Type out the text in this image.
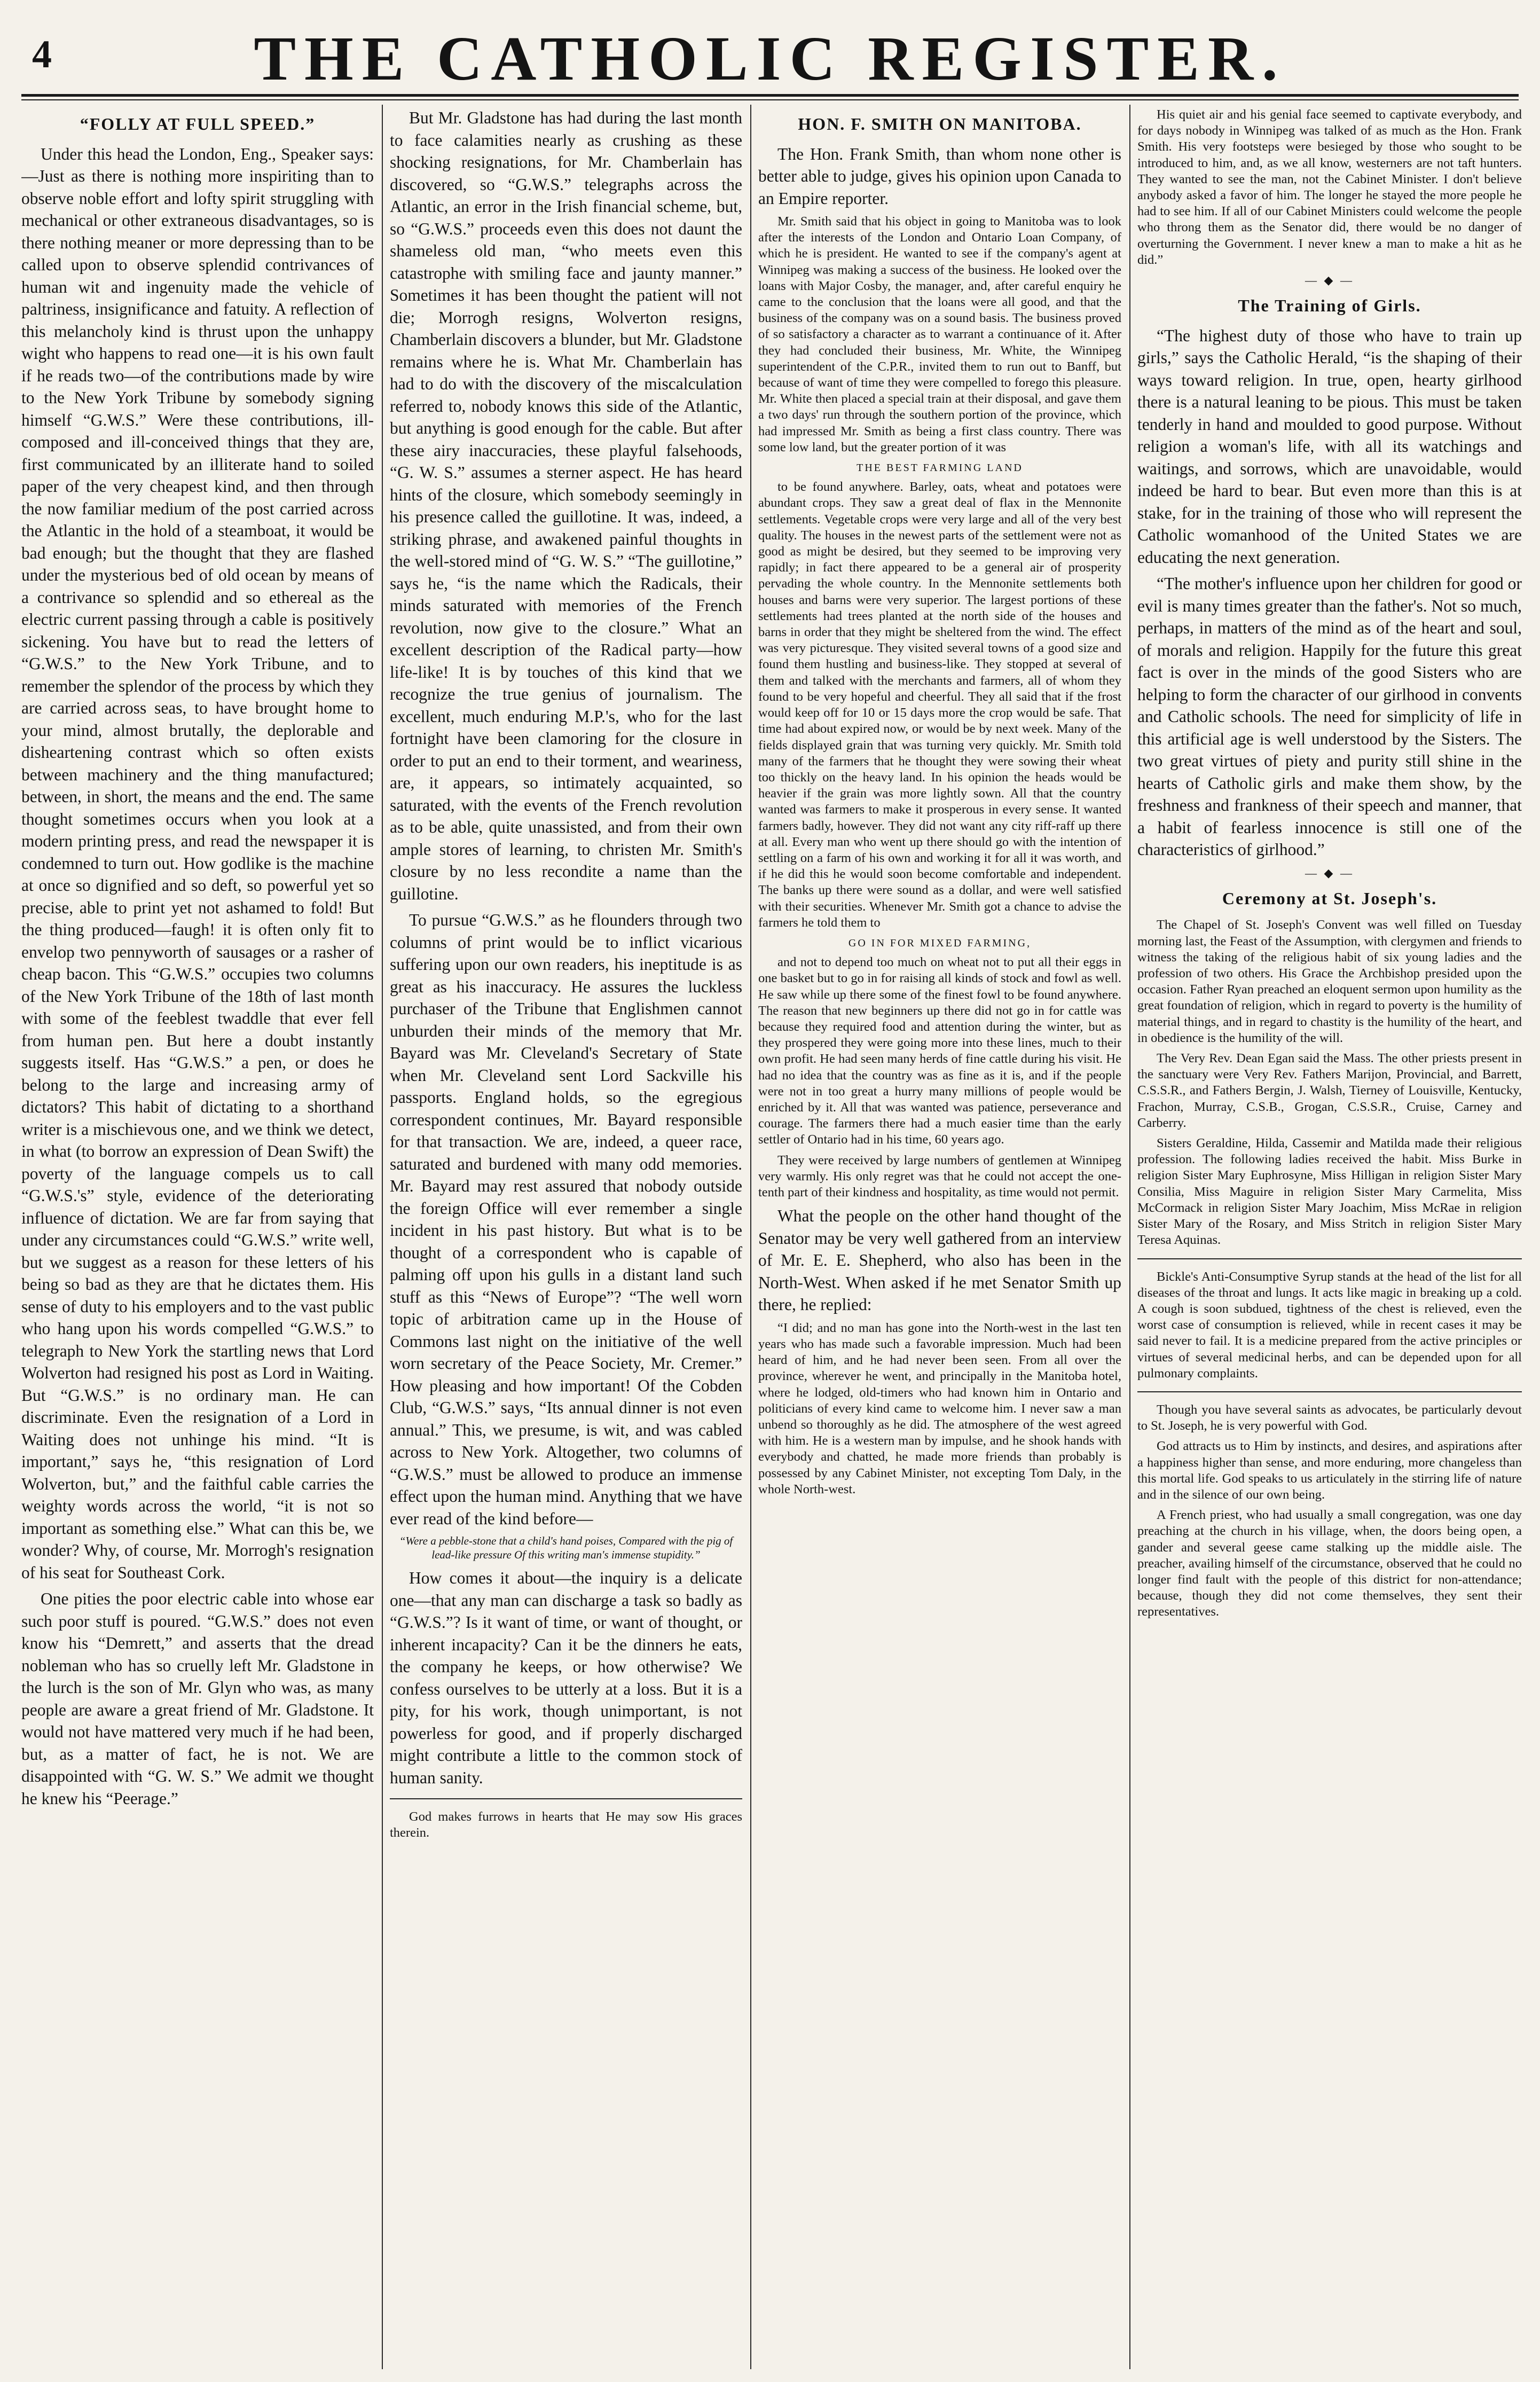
4	THE CATHOLIC REGISTER.
“FOLLY AT FULL SPEED.”

Under this head the London, Eng., Speaker says:—Just as there is nothing more inspiriting than to observe noble effort and lofty spirit struggling with mechanical or other extraneous disadvantages, so is there nothing meaner or more depressing than to be called upon to observe splendid contrivances of human wit and ingenuity made the vehicle of paltriness, insignificance and fatuity. A reflection of this melancholy kind is thrust upon the unhappy wight who happens to read one—it is his own fault if he reads two—of the contributions made by wire to the New York Tribune by somebody signing himself “G.W.S.” Were these contributions, ill-composed and ill-conceived things that they are, first communicated by an illiterate hand to soiled paper of the very cheapest kind, and then through the now familiar medium of the post carried across the Atlantic in the hold of a steamboat, it would be bad enough; but the thought that they are flashed under the mysterious bed of old ocean by means of a contrivance so splendid and so ethereal as the electric current passing through a cable is positively sickening. You have but to read the letters of “G.W.S.” to the New York Tribune, and to remember the splendor of the process by which they are carried across seas, to have brought home to your mind, almost brutally, the deplorable and disheartening contrast which so often exists between machinery and the thing manufactured; between, in short, the means and the end. The same thought sometimes occurs when you look at a modern printing press, and read the newspaper it is condemned to turn out. How godlike is the machine at once so dignified and so deft, so powerful yet so precise, able to print yet not ashamed to fold! But the thing produced—faugh! it is often only fit to envelop two pennyworth of sausages or a rasher of cheap bacon. This “G.W.S.” occupies two columns of the New York Tribune of the 18th of last month with some of the feeblest twaddle that ever fell from human pen. But here a doubt instantly suggests itself. Has “G.W.S.” a pen, or does he belong to the large and increasing army of dictators? This habit of dictating to a shorthand writer is a mischievous one, and we think we detect, in what (to borrow an expression of Dean Swift) the poverty of the language compels us to call “G.W.S.'s” style, evidence of the deteriorating influence of dictation. We are far from saying that under any circumstances could “G.W.S.” write well, but we suggest as a reason for these letters of his being so bad as they are that he dictates them. His sense of duty to his employers and to the vast public who hang upon his words compelled “G.W.S.” to telegraph to New York the startling news that Lord Wolverton had resigned his post as Lord in Waiting. But “G.W.S.” is no ordinary man. He can discriminate. Even the resignation of a Lord in Waiting does not unhinge his mind. “It is important,” says he, “this resignation of Lord Wolverton, but,” and the faithful cable carries the weighty words across the world, “it is not so important as something else.” What can this be, we wonder? Why, of course, Mr. Morrogh's resignation of his seat for Southeast Cork.

One pities the poor electric cable into whose ear such poor stuff is poured. “G.W.S.” does not even know his “Demrett,” and asserts that the dread nobleman who has so cruelly left Mr. Gladstone in the lurch is the son of Mr. Glyn who was, as many people are aware a great friend of Mr. Gladstone. It would not have mattered very much if he had been, but, as a matter of fact, he is not. We are disappointed with “G. W. S.” We admit we thought he knew his “Peerage.”

But Mr. Gladstone has had during the last month to face calamities nearly as crushing as these shocking resignations, for Mr. Chamberlain has discovered, so “G.W.S.” telegraphs across the Atlantic, an error in the Irish financial scheme, but, so “G.W.S.” proceeds even this does not daunt the shameless old man, “who meets even this catastrophe with smiling face and jaunty manner.” Sometimes it has been thought the patient will not die; Morrogh resigns, Wolverton resigns, Chamberlain discovers a blunder, but Mr. Gladstone remains where he is. What Mr. Chamberlain has had to do with the discovery of the miscalculation referred to, nobody knows this side of the Atlantic, but anything is good enough for the cable. But after these airy inaccuracies, these playful falsehoods, “G. W. S.” assumes a sterner aspect. He has heard hints of the closure, which somebody seemingly in his presence called the guillotine. It was, indeed, a striking phrase, and awakened painful thoughts in the well-stored mind of “G. W. S.” “The guillotine,” says he, “is the name which the Radicals, their minds saturated with memories of the French revolution, now give to the closure.” What an excellent description of the Radical party—how life-like! It is by touches of this kind that we recognize the true genius of journalism. The excellent, much enduring M.P.'s, who for the last fortnight have been clamoring for the closure in order to put an end to their torment, and weariness, are, it appears, so intimately acquainted, so saturated, with the events of the French revolution as to be able, quite unassisted, and from their own ample stores of learning, to christen Mr. Smith's closure by no less recondite a name than the guillotine.

To pursue “G.W.S.” as he flounders through two columns of print would be to inflict vicarious suffering upon our own readers, his ineptitude is as great as his inaccuracy. He assures the luckless purchaser of the Tribune that Englishmen cannot unburden their minds of the memory that Mr. Bayard was Mr. Cleveland's Secretary of State when Mr. Cleveland sent Lord Sackville his passports. England holds, so the egregious correspondent continues, Mr. Bayard responsible for that transaction. We are, indeed, a queer race, saturated and burdened with many odd memories. Mr. Bayard may rest assured that nobody outside the foreign Office will ever remember a single incident in his past history. But what is to be thought of a correspondent who is capable of palming off upon his gulls in a distant land such stuff as this “News of Europe”? “The well worn topic of arbitration came up in the House of Commons last night on the initiative of the well worn secretary of the Peace Society, Mr. Cremer.” How pleasing and how important! Of the Cobden Club, “G.W.S.” says, “Its annual dinner is not even annual.” This, we presume, is wit, and was cabled across to New York. Altogether, two columns of “G.W.S.” must be allowed to produce an immense effect upon the human mind. Anything that we have ever read of the kind before—

“Were a pebble-stone that a child's hand poises, Compared with the pig of lead-like pressure Of this writing man's immense stupidity.”

How comes it about—the inquiry is a delicate one—that any man can discharge a task so badly as “G.W.S.”? Is it want of time, or want of thought, or inherent incapacity? Can it be the dinners he eats, the company he keeps, or how otherwise? We confess ourselves to be utterly at a loss. But it is a pity, for his work, though unimportant, is not powerless for good, and if properly discharged might contribute a little to the common stock of human sanity.

God makes furrows in hearts that He may sow His graces therein.

HON. F. SMITH ON MANITOBA.

The Hon. Frank Smith, than whom none other is better able to judge, gives his opinion upon Canada to an Empire reporter.

Mr. Smith said that his object in going to Manitoba was to look after the interests of the London and Ontario Loan Company, of which he is president. He wanted to see if the company's agent at Winnipeg was making a success of the business. He looked over the loans with Major Cosby, the manager, and, after careful enquiry he came to the conclusion that the loans were all good, and that the business of the company was on a sound basis. The business proved of so satisfactory a character as to warrant a continuance of it. After they had concluded their business, Mr. White, the Winnipeg superintendent of the C.P.R., invited them to run out to Banff, but because of want of time they were compelled to forego this pleasure. Mr. White then placed a special train at their disposal, and gave them a two days' run through the southern portion of the province, which had impressed Mr. Smith as being a first class country. There was some low land, but the greater portion of it was

THE BEST FARMING LAND

to be found anywhere. Barley, oats, wheat and potatoes were abundant crops. They saw a great deal of flax in the Mennonite settlements. Vegetable crops were very large and all of the very best quality. The houses in the newest parts of the settlement were not as good as might be desired, but they seemed to be improving very rapidly; in fact there appeared to be a general air of prosperity pervading the whole country. In the Mennonite settlements both houses and barns were very superior. The largest portions of these settlements had trees planted at the north side of the houses and barns in order that they might be sheltered from the wind. The effect was very picturesque. They visited several towns of a good size and found them hustling and business-like. They stopped at several of them and talked with the merchants and farmers, all of whom they found to be very hopeful and cheerful. They all said that if the frost would keep off for 10 or 15 days more the crop would be safe. That time had about expired now, or would be by next week. Many of the fields displayed grain that was turning very quickly. Mr. Smith told many of the farmers that he thought they were sowing their wheat too thickly on the heavy land. In his opinion the heads would be heavier if the grain was more lightly sown. All that the country wanted was farmers to make it prosperous in every sense. It wanted farmers badly, however. They did not want any city riff-raff up there at all. Every man who went up there should go with the intention of settling on a farm of his own and working it for all it was worth, and if he did this he would soon become comfortable and independent. The banks up there were sound as a dollar, and were well satisfied with their securities. Whenever Mr. Smith got a chance to advise the farmers he told them to

GO IN FOR MIXED FARMING,

and not to depend too much on wheat not to put all their eggs in one basket but to go in for raising all kinds of stock and fowl as well. He saw while up there some of the finest fowl to be found anywhere. The reason that new beginners up there did not go in for cattle was because they required food and attention during the winter, but as they prospered they were going more into these lines, much to their own profit. He had seen many herds of fine cattle during his visit. He had no idea that the country was as fine as it is, and if the people were not in too great a hurry many millions of people would be enriched by it. All that was wanted was patience, perseverance and courage. The farmers there had a much easier time than the early settler of Ontario had in his time, 60 years ago.

They were received by large numbers of gentlemen at Winnipeg very warmly. His only regret was that he could not accept the one-tenth part of their kindness and hospitality, as time would not permit.

What the people on the other hand thought of the Senator may be very well gathered from an interview of Mr. E. E. Shepherd, who also has been in the North-West. When asked if he met Senator Smith up there, he replied:

“I did; and no man has gone into the North-west in the last ten years who has made such a favorable impression. Much had been heard of him, and he had never been seen. From all over the province, wherever he went, and principally in the Manitoba hotel, where he lodged, old-timers who had known him in Ontario and politicians of every kind came to welcome him. I never saw a man unbend so thoroughly as he did. The atmosphere of the west agreed with him. He is a western man by impulse, and he shook hands with everybody and chatted, he made more friends than probably is possessed by any Cabinet Minister, not excepting Tom Daly, in the whole North-west.

His quiet air and his genial face seemed to captivate everybody, and for days nobody in Winnipeg was talked of as much as the Hon. Frank Smith. His very footsteps were besieged by those who sought to be introduced to him, and, as we all know, westerners are not taft hunters. They wanted to see the man, not the Cabinet Minister. I don't believe anybody asked a favor of him. The longer he stayed the more people he had to see him. If all of our Cabinet Ministers could welcome the people who throng them as the Senator did, there would be no danger of overturning the Government. I never knew a man to make a hit as he did.”

— ◆ —
The Training of Girls.

“The highest duty of those who have to train up girls,” says the Catholic Herald, “is the shaping of their ways toward religion. In true, open, hearty girlhood there is a natural leaning to be pious. This must be taken tenderly in hand and moulded to good purpose. Without religion a woman's life, with all its watchings and waitings, and sorrows, which are unavoidable, would indeed be hard to bear. But even more than this is at stake, for in the training of those who will represent the Catholic womanhood of the United States we are educating the next generation.

“The mother's influence upon her children for good or evil is many times greater than the father's. Not so much, perhaps, in matters of the mind as of the heart and soul, of morals and religion. Happily for the future this great fact is over in the minds of the good Sisters who are helping to form the character of our girlhood in convents and Catholic schools. The need for simplicity of life in this artificial age is well understood by the Sisters. The two great virtues of piety and purity still shine in the hearts of Catholic girls and make them show, by the freshness and frankness of their speech and manner, that a habit of fearless innocence is still one of the characteristics of girlhood.”

— ◆ —
Ceremony at St. Joseph's.

The Chapel of St. Joseph's Convent was well filled on Tuesday morning last, the Feast of the Assumption, with clergymen and friends to witness the taking of the religious habit of six young ladies and the profession of two others. His Grace the Archbishop presided upon the occasion. Father Ryan preached an eloquent sermon upon humility as the great foundation of religion, which in regard to poverty is the humility of material things, and in regard to chastity is the humility of the heart, and in obedience is the humility of the will.

The Very Rev. Dean Egan said the Mass. The other priests present in the sanctuary were Very Rev. Fathers Marijon, Provincial, and Barrett, C.S.S.R., and Fathers Bergin, J. Walsh, Tierney of Louisville, Kentucky, Frachon, Murray, C.S.B., Grogan, C.S.S.R., Cruise, Carney and Carberry.

Sisters Geraldine, Hilda, Cassemir and Matilda made their religious profession. The following ladies received the habit. Miss Burke in religion Sister Mary Euphrosyne, Miss Hilligan in religion Sister Mary Consilia, Miss Maguire in religion Sister Mary Carmelita, Miss McCormack in religion Sister Mary Joachim, Miss McRae in religion Sister Mary of the Rosary, and Miss Stritch in religion Sister Mary Teresa Aquinas.

Bickle's Anti-Consumptive Syrup stands at the head of the list for all diseases of the throat and lungs. It acts like magic in breaking up a cold. A cough is soon subdued, tightness of the chest is relieved, even the worst case of consumption is relieved, while in recent cases it may be said never to fail. It is a medicine prepared from the active principles or virtues of several medicinal herbs, and can be depended upon for all pulmonary complaints.

Though you have several saints as advocates, be particularly devout to St. Joseph, he is very powerful with God.

God attracts us to Him by instincts, and desires, and aspirations after a happiness higher than sense, and more enduring, more changeless than this mortal life. God speaks to us articulately in the stirring life of nature and in the silence of our own being.

A French priest, who had usually a small congregation, was one day preaching at the church in his village, when, the doors being open, a gander and several geese came stalking up the middle aisle. The preacher, availing himself of the circumstance, observed that he could no longer find fault with the people of this district for non-attendance; because, though they did not come themselves, they sent their representatives.
